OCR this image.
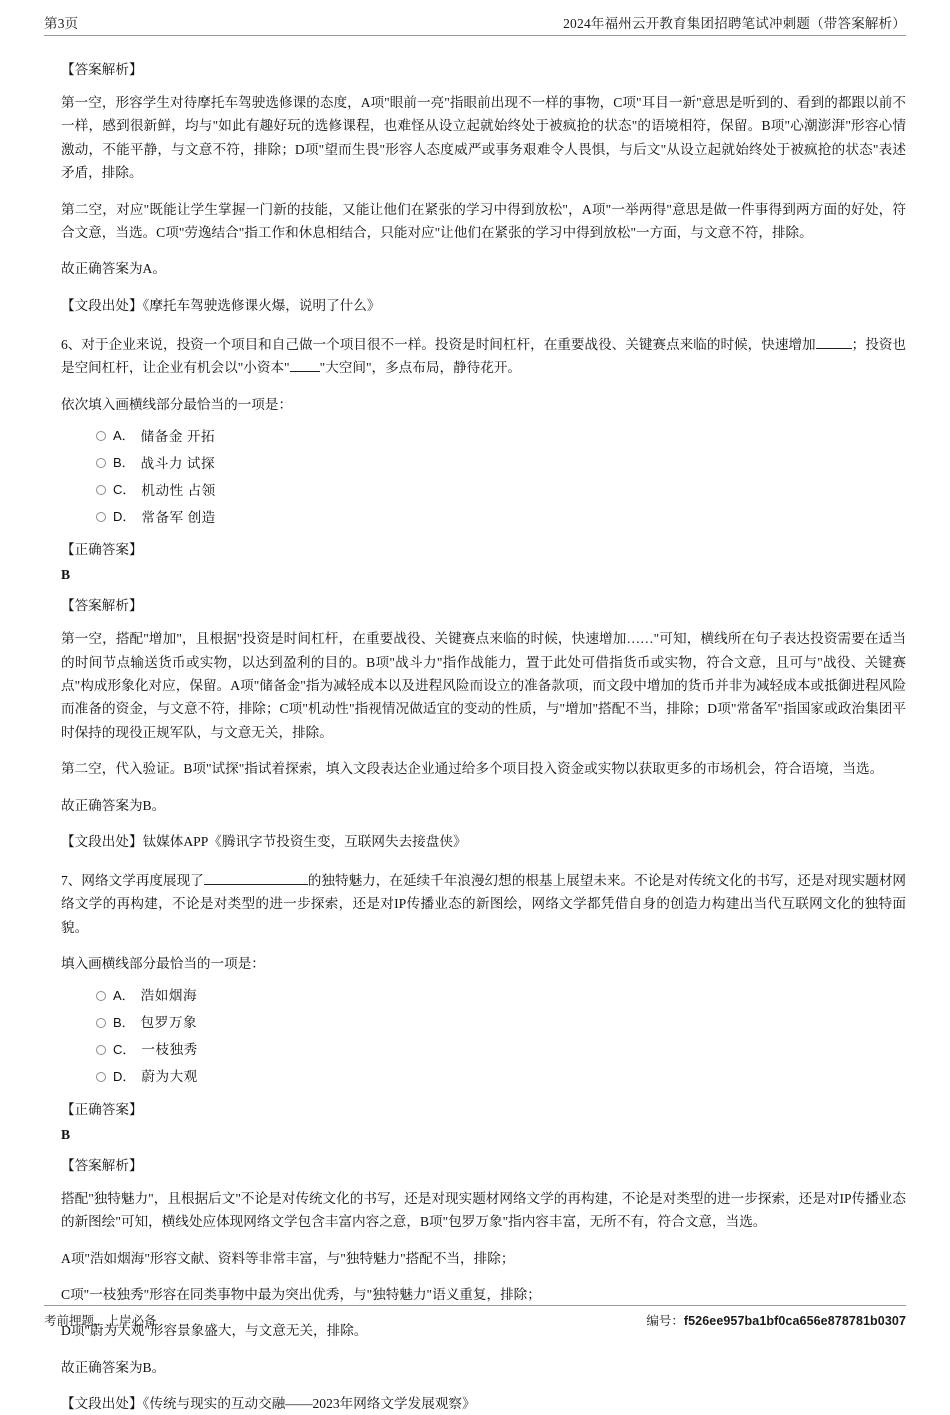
第3页	2024年福州云开教育集团招聘笔试冲刺题（带答案解析）
【答案解析】

第一空，形容学生对待摩托车驾驶选修课的态度，A项"眼前一亮"指眼前出现不一样的事物，C项"耳目一新"意思是听到的、看到的都跟以前不一样，感到很新鲜，均与"如此有趣好玩的选修课程，也难怪从设立起就始终处于被疯抢的状态"的语境相符，保留。B项"心潮澎湃"形容心情激动，不能平静，与文意不符，排除；D项"望而生畏"形容人态度威严或事务艰难令人畏惧，与后文"从设立起就始终处于被疯抢的状态"表述矛盾，排除。

第二空，对应"既能让学生掌握一门新的技能，又能让他们在紧张的学习中得到放松"，A项"一举两得"意思是做一件事得到两方面的好处，符合文意，当选。C项"劳逸结合"指工作和休息相结合，只能对应"让他们在紧张的学习中得到放松"一方面，与文意不符，排除。

故正确答案为A。

【文段出处】《摩托车驾驶选修课火爆，说明了什么》

6、对于企业来说，投资一个项目和自己做一个项目很不一样。投资是时间杠杆，在重要战役、关键赛点来临的时候，快速增加	；投资也是空间杠杆，让企业有机会以"小资本" "大空间"，多点布局，静待花开。

依次填入画横线部分最恰当的一项是：

A． 储备金 开拓
B． 战斗力 试探
C． 机动性 占领
D． 常备军 创造
【正确答案】
B
【答案解析】

第一空，搭配"增加"，且根据"投资是时间杠杆，在重要战役、关键赛点来临的时候，快速增加……"可知，横线所在句子表达投资需要在适当的时间节点输送货币或实物，以达到盈利的目的。B项"战斗力"指作战能力，置于此处可借指货币或实物，符合文意，且可与"战役、关键赛点"构成形象化对应，保留。A项"储备金"指为减轻成本以及进程风险而设立的准备款项，而文段中增加的货币并非为减轻成本或抵御进程风险而准备的资金，与文意不符，排除；C项"机动性"指视情况做适宜的变动的性质，与"增加"搭配不当，排除；D项"常备军"指国家或政治集团平时保持的现役正规军队，与文意无关，排除。

第二空，代入验证。B项"试探"指试着探索，填入文段表达企业通过给多个项目投入资金或实物以获取更多的市场机会，符合语境，当选。

故正确答案为B。

【文段出处】钛媒体APP《腾讯字节投资生变，互联网失去接盘侠》

7、网络文学再度展现了	的独特魅力，在延续千年浪漫幻想的根基上展望未来。不论是对传统文化的书写，还是对现实题材网络文学的再构建，不论是对类型的进一步探索，还是对IP传播业态的新图绘，网络文学都凭借自身的创造力构建出当代互联网文化的独特面貌。

填入画横线部分最恰当的一项是：

A． 浩如烟海
B． 包罗万象
C． 一枝独秀
D． 蔚为大观
【正确答案】
B
【答案解析】

搭配"独特魅力"，且根据后文"不论是对传统文化的书写，还是对现实题材网络文学的再构建，不论是对类型的进一步探索，还是对IP传播业态的新图绘"可知，横线处应体现网络文学包含丰富内容之意，B项"包罗万象"指内容丰富，无所不有，符合文意，当选。

A项"浩如烟海"形容文献、资料等非常丰富，与"独特魅力"搭配不当，排除；

C项"一枝独秀"形容在同类事物中最为突出优秀，与"独特魅力"语义重复，排除；

D项"蔚为大观"形容景象盛大，与文意无关，排除。

故正确答案为B。

【文段出处】《传统与现实的互动交融——2023年网络文学发展观察》

考前押题，上岸必备	编号：f526ee957ba1bf0ca656e878781b0307
